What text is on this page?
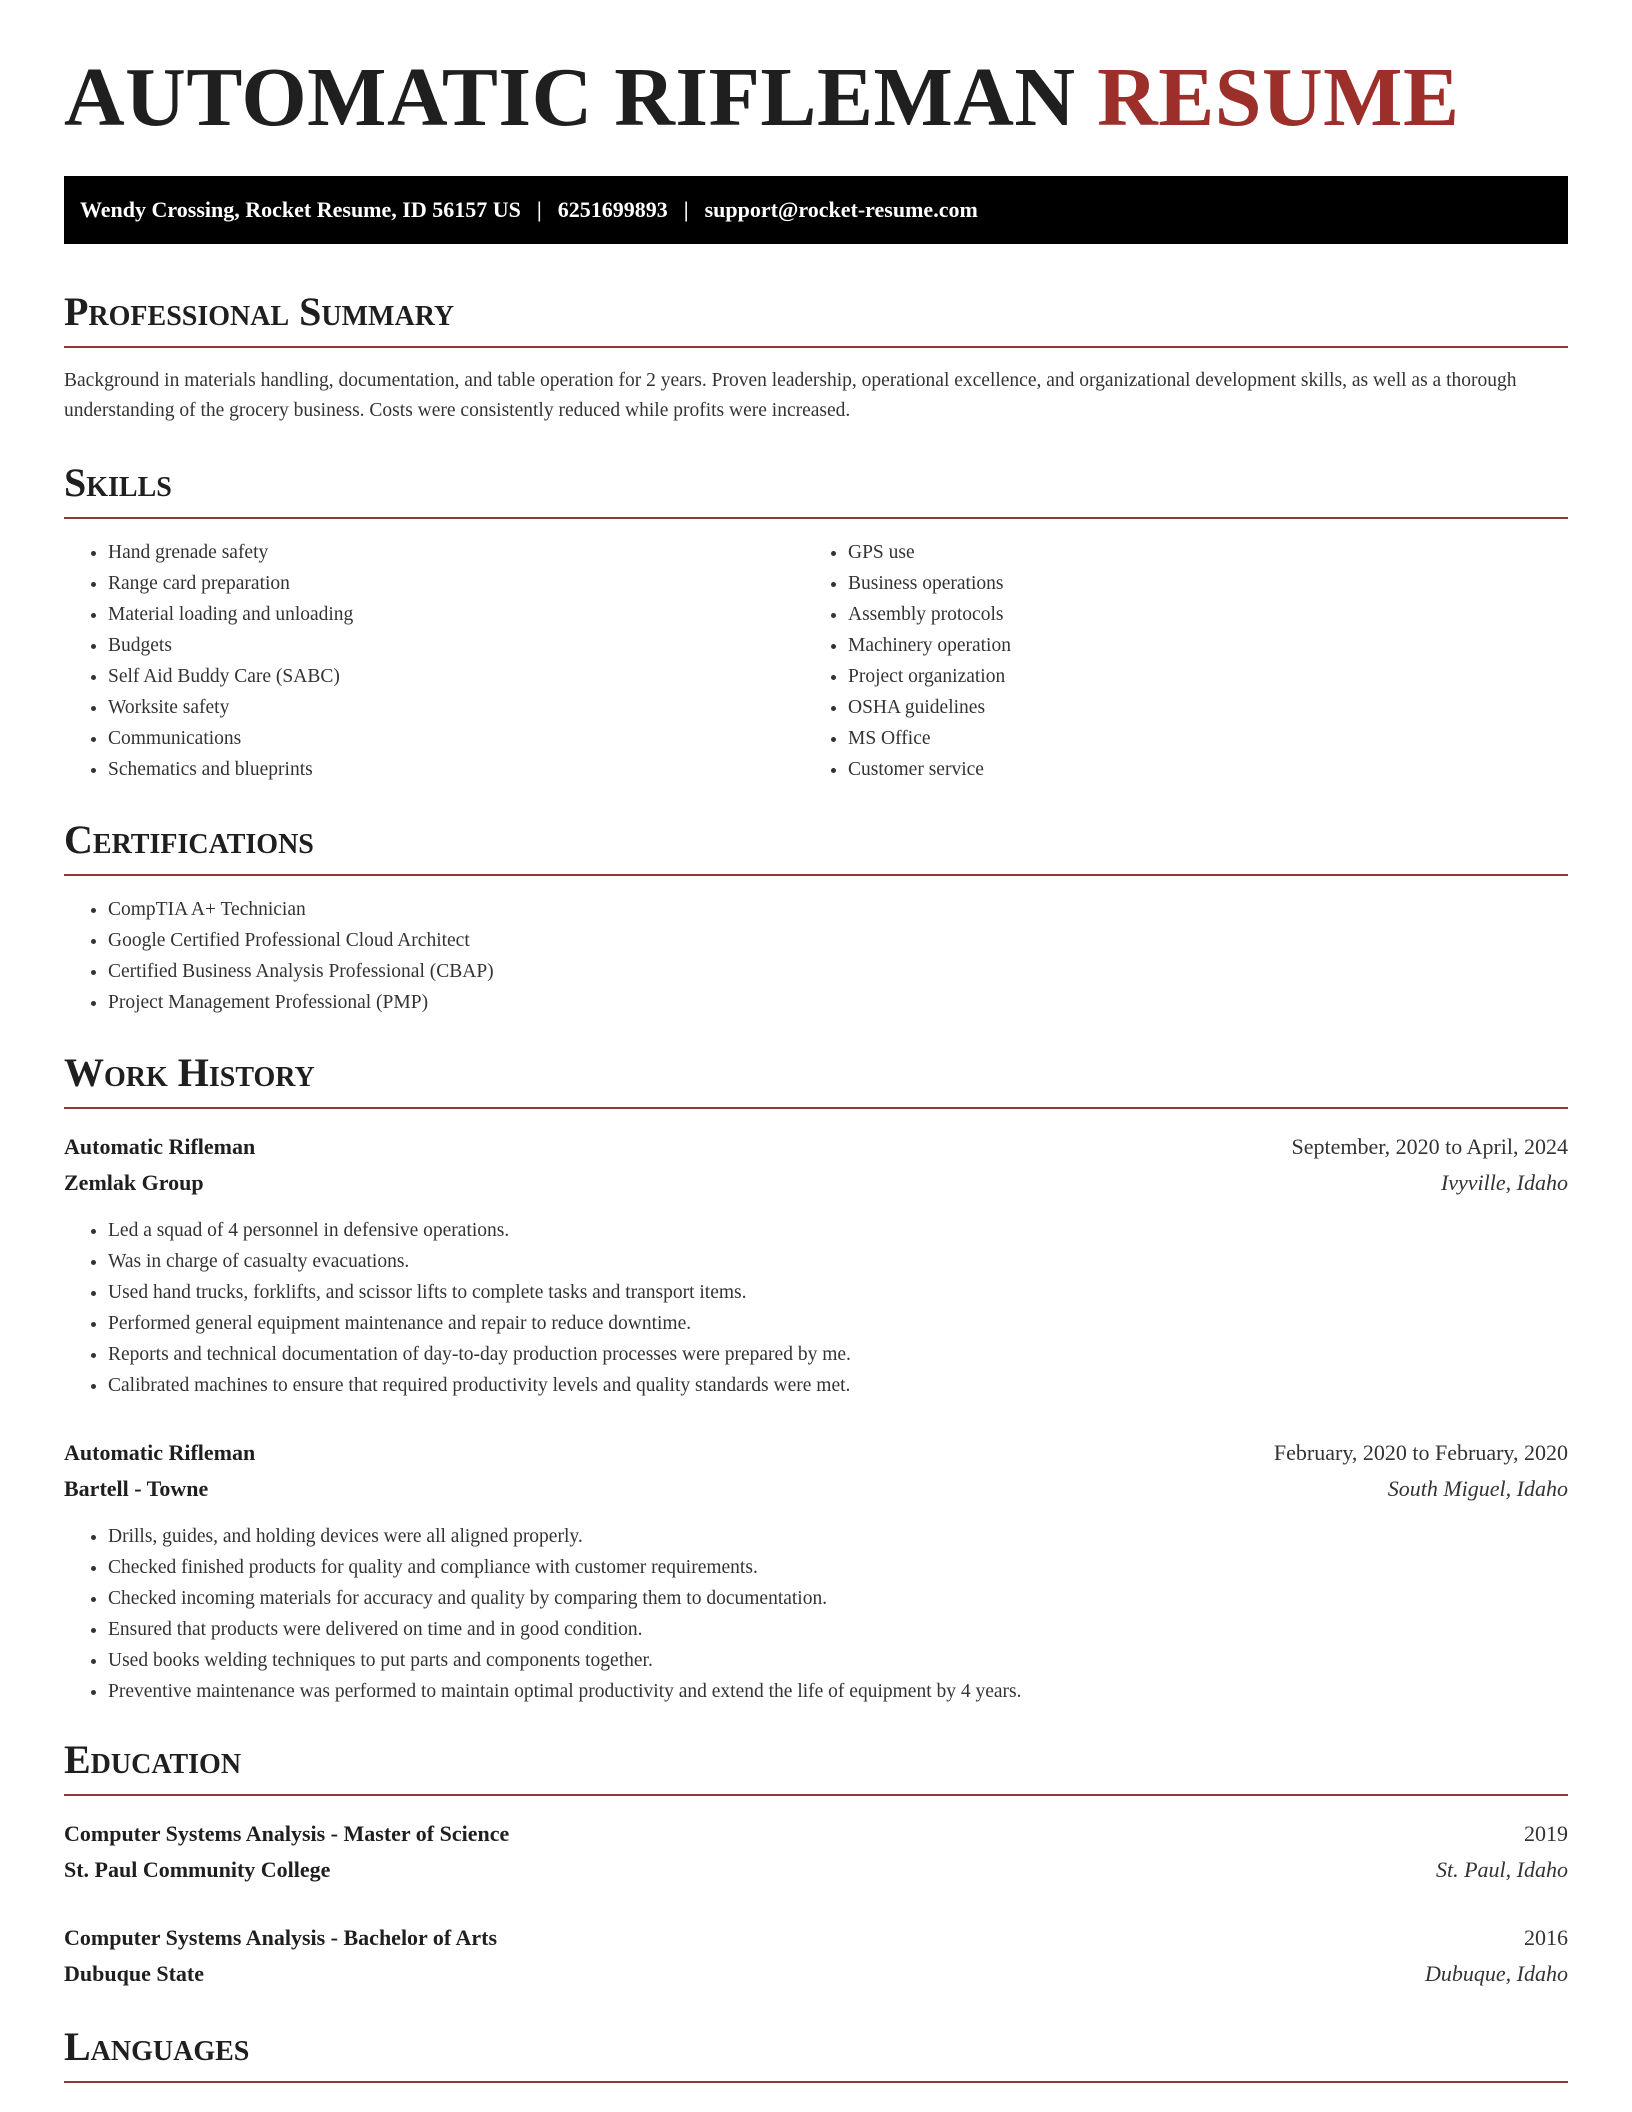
AUTOMATIC RIFLEMAN RESUME
Wendy Crossing, Rocket Resume, ID 56157 US | 6251699893 | support@rocket-resume.com
Professional Summary

Background in materials handling, documentation, and table operation for 2 years. Proven leadership, operational excellence, and organizational development skills, as well as a thorough understanding of the grocery business. Costs were consistently reduced while profits were increased.

Skills
• Hand grenade safety
• Range card preparation
• Material loading and unloading
• Budgets
• Self Aid Buddy Care (SABC)
• Worksite safety
• Communications
• Schematics and blueprints
• GPS use
• Business operations
• Assembly protocols
• Machinery operation
• Project organization
• OSHA guidelines
• MS Office
• Customer service
Certifications
• CompTIA A+ Technician
• Google Certified Professional Cloud Architect
• Certified Business Analysis Professional (CBAP)
• Project Management Professional (PMP)
Work History
Automatic Rifleman	September, 2020 to April, 2024
Zemlak Group	Ivyville, Idaho
• Led a squad of 4 personnel in defensive operations.
• Was in charge of casualty evacuations.
• Used hand trucks, forklifts, and scissor lifts to complete tasks and transport items.
• Performed general equipment maintenance and repair to reduce downtime.
• Reports and technical documentation of day-to-day production processes were prepared by me.
• Calibrated machines to ensure that required productivity levels and quality standards were met.
Automatic Rifleman	February, 2020 to February, 2020
Bartell - Towne	South Miguel, Idaho
• Drills, guides, and holding devices were all aligned properly.
• Checked finished products for quality and compliance with customer requirements.
• Checked incoming materials for accuracy and quality by comparing them to documentation.
• Ensured that products were delivered on time and in good condition.
• Used books welding techniques to put parts and components together.
• Preventive maintenance was performed to maintain optimal productivity and extend the life of equipment by 4 years.
Education
Computer Systems Analysis - Master of Science	2019
St. Paul Community College	St. Paul, Idaho
Computer Systems Analysis - Bachelor of Arts	2016
Dubuque State	Dubuque, Idaho
Languages
